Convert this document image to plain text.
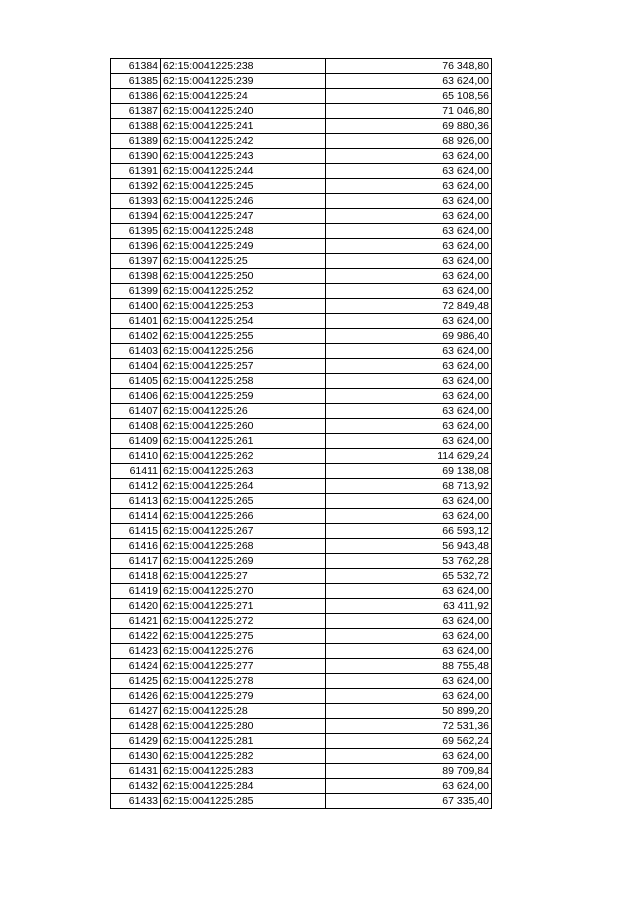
61384	62:15:0041225:238	76 348,80
61385	62:15:0041225:239	63 624,00
61386	62:15:0041225:24	65 108,56
61387	62:15:0041225:240	71 046,80
61388	62:15:0041225:241	69 880,36
61389	62:15:0041225:242	68 926,00
61390	62:15:0041225:243	63 624,00
61391	62:15:0041225:244	63 624,00
61392	62:15:0041225:245	63 624,00
61393	62:15:0041225:246	63 624,00
61394	62:15:0041225:247	63 624,00
61395	62:15:0041225:248	63 624,00
61396	62:15:0041225:249	63 624,00
61397	62:15:0041225:25	63 624,00
61398	62:15:0041225:250	63 624,00
61399	62:15:0041225:252	63 624,00
61400	62:15:0041225:253	72 849,48
61401	62:15:0041225:254	63 624,00
61402	62:15:0041225:255	69 986,40
61403	62:15:0041225:256	63 624,00
61404	62:15:0041225:257	63 624,00
61405	62:15:0041225:258	63 624,00
61406	62:15:0041225:259	63 624,00
61407	62:15:0041225:26	63 624,00
61408	62:15:0041225:260	63 624,00
61409	62:15:0041225:261	63 624,00
61410	62:15:0041225:262	114 629,24
61411	62:15:0041225:263	69 138,08
61412	62:15:0041225:264	68 713,92
61413	62:15:0041225:265	63 624,00
61414	62:15:0041225:266	63 624,00
61415	62:15:0041225:267	66 593,12
61416	62:15:0041225:268	56 943,48
61417	62:15:0041225:269	53 762,28
61418	62:15:0041225:27	65 532,72
61419	62:15:0041225:270	63 624,00
61420	62:15:0041225:271	63 411,92
61421	62:15:0041225:272	63 624,00
61422	62:15:0041225:275	63 624,00
61423	62:15:0041225:276	63 624,00
61424	62:15:0041225:277	88 755,48
61425	62:15:0041225:278	63 624,00
61426	62:15:0041225:279	63 624,00
61427	62:15:0041225:28	50 899,20
61428	62:15:0041225:280	72 531,36
61429	62:15:0041225:281	69 562,24
61430	62:15:0041225:282	63 624,00
61431	62:15:0041225:283	89 709,84
61432	62:15:0041225:284	63 624,00
61433	62:15:0041225:285	67 335,40
